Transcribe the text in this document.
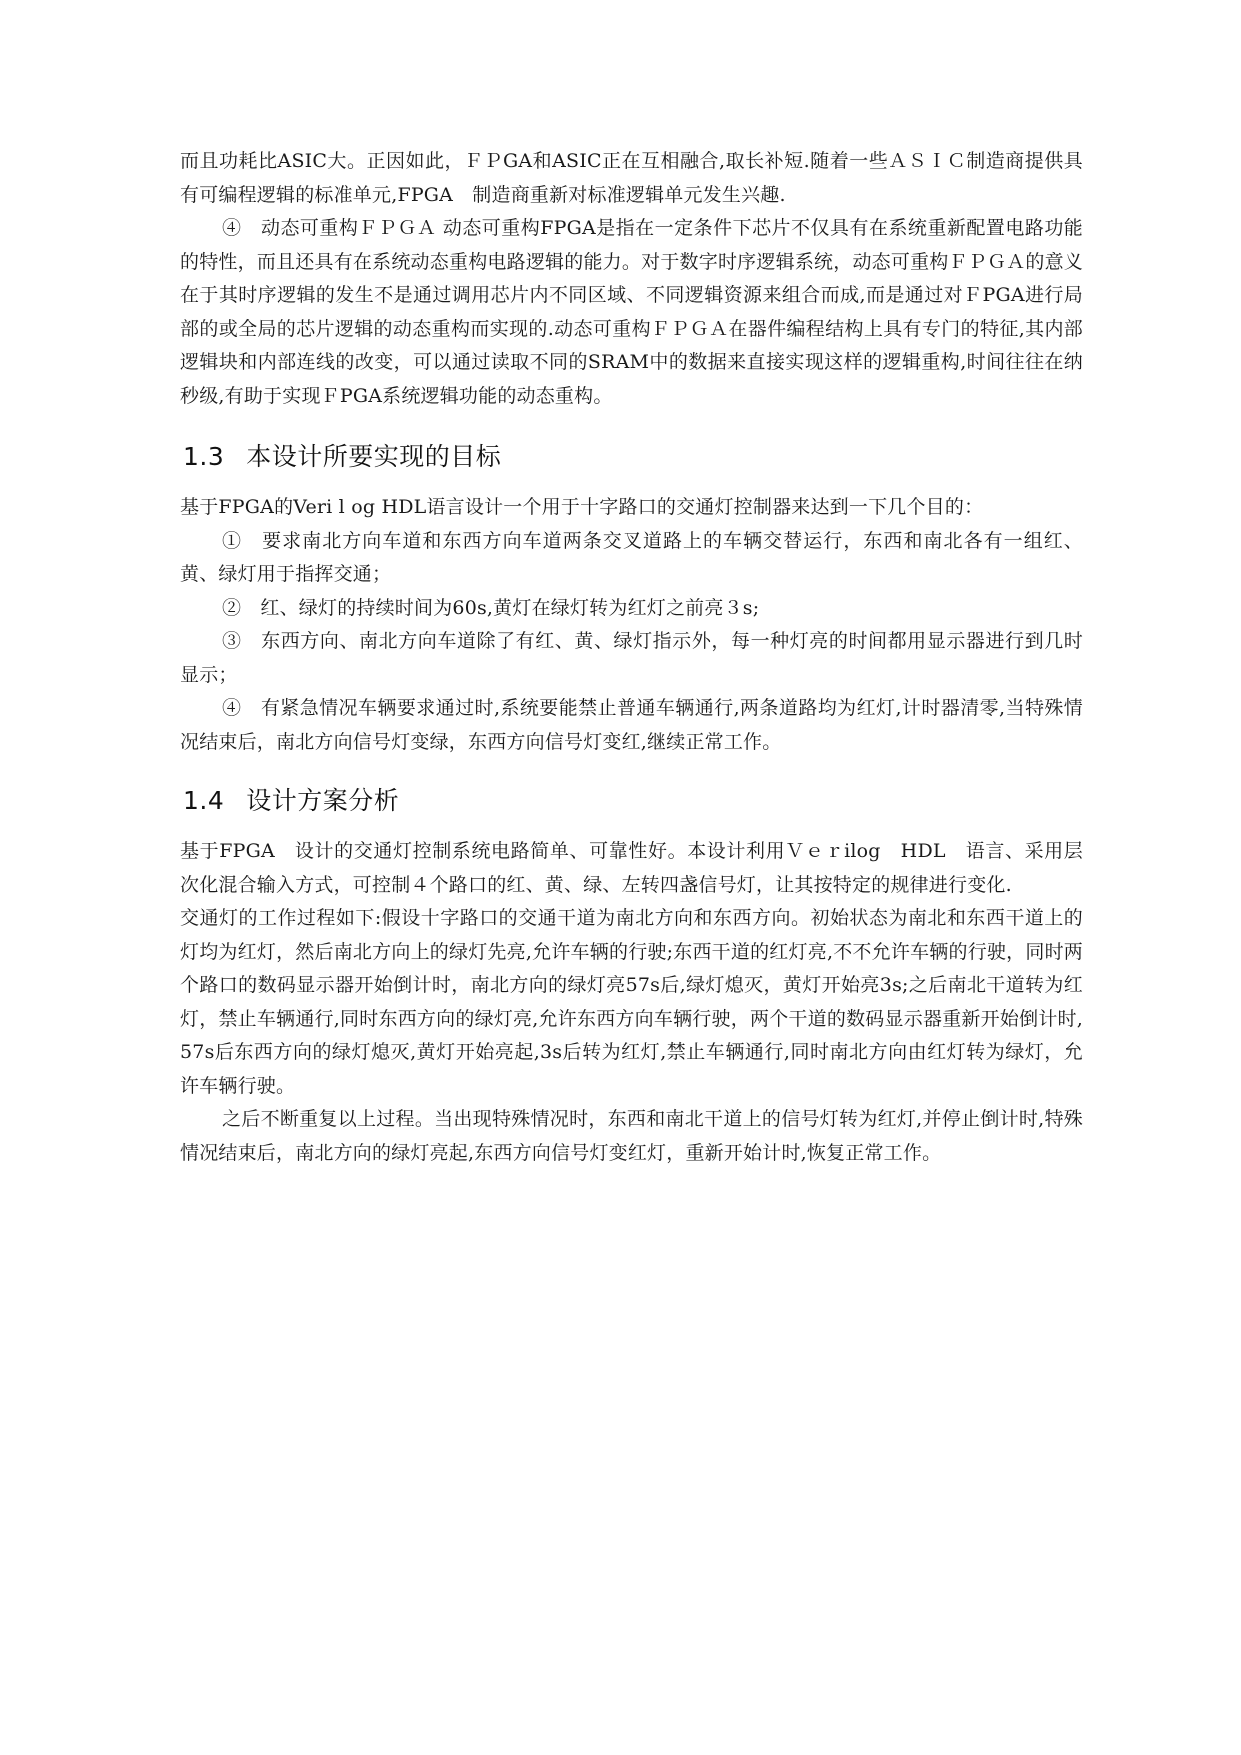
而且功耗比ASIC大。正因如此，ＦＰGA和ASIC正在互相融合,取长补短.随着一些ＡＳＩＣ制造商提供具有可编程逻辑的标准单元,FPGA　制造商重新对标准逻辑单元发生兴趣.

④　动态可重构ＦＰＧＡ 动态可重构FPGA是指在一定条件下芯片不仅具有在系统重新配置电路功能的特性，而且还具有在系统动态重构电路逻辑的能力。对于数字时序逻辑系统，动态可重构ＦＰＧＡ的意义在于其时序逻辑的发生不是通过调用芯片内不同区域、不同逻辑资源来组合而成,而是通过对ＦPGA进行局部的或全局的芯片逻辑的动态重构而实现的.动态可重构ＦＰＧＡ在器件编程结构上具有专门的特征,其内部逻辑块和内部连线的改变，可以通过读取不同的SRAM中的数据来直接实现这样的逻辑重构,时间往往在纳秒级,有助于实现ＦPGA系统逻辑功能的动态重构。

1.3 本设计所要实现的目标

基于FPGA的Veri l og HDL语言设计一个用于十字路口的交通灯控制器来达到一下几个目的：

①　要求南北方向车道和东西方向车道两条交叉道路上的车辆交替运行，东西和南北各有一组红、黄、绿灯用于指挥交通；

②　红、绿灯的持续时间为60s,黄灯在绿灯转为红灯之前亮３s;

③　东西方向、南北方向车道除了有红、黄、绿灯指示外，每一种灯亮的时间都用显示器进行到几时显示；

④　有紧急情况车辆要求通过时,系统要能禁止普通车辆通行,两条道路均为红灯,计时器清零,当特殊情况结束后，南北方向信号灯变绿，东西方向信号灯变红,继续正常工作。

1.4 设计方案分析

基于FPGA　设计的交通灯控制系统电路简单、可靠性好。本设计利用Ｖｅｒilog　HDL　语言、采用层次化混合输入方式，可控制４个路口的红、黄、绿、左转四盏信号灯，让其按特定的规律进行变化.

交通灯的工作过程如下:假设十字路口的交通干道为南北方向和东西方向。初始状态为南北和东西干道上的灯均为红灯，然后南北方向上的绿灯先亮,允许车辆的行驶;东西干道的红灯亮,不不允许车辆的行驶，同时两个路口的数码显示器开始倒计时，南北方向的绿灯亮57s后,绿灯熄灭，黄灯开始亮3s;之后南北干道转为红灯，禁止车辆通行,同时东西方向的绿灯亮,允许东西方向车辆行驶，两个干道的数码显示器重新开始倒计时,57s后东西方向的绿灯熄灭,黄灯开始亮起,3s后转为红灯,禁止车辆通行,同时南北方向由红灯转为绿灯，允许车辆行驶。

之后不断重复以上过程。当出现特殊情况时，东西和南北干道上的信号灯转为红灯,并停止倒计时,特殊情况结束后，南北方向的绿灯亮起,东西方向信号灯变红灯，重新开始计时,恢复正常工作。
